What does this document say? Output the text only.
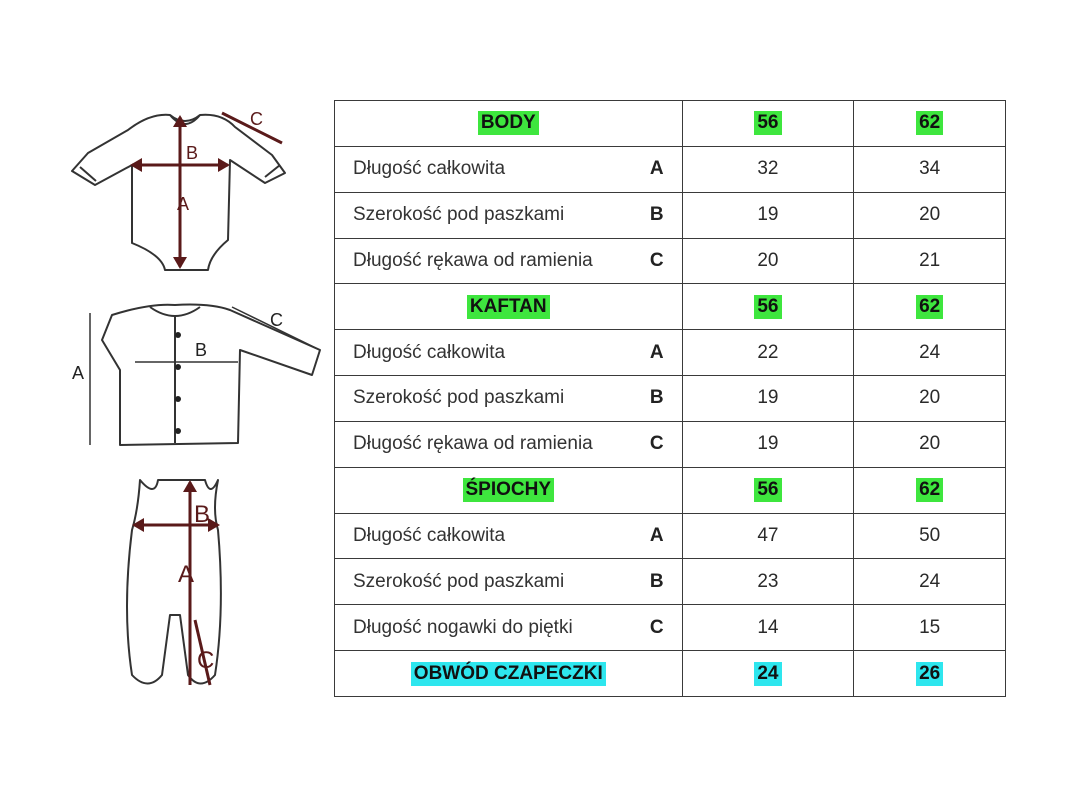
B
A
C
A
B
C
B
A
C
BODY	56	62

Długość całkowita A	32	34

Szerokość pod paszkami B	19	20

Długość rękawa od ramienia C	20	21
KAFTAN	56	62

Długość całkowita A	22	24

Szerokość pod paszkami B	19	20

Długość rękawa od ramienia C	19	20
ŚPIOCHY	56	62

Długość całkowita A	47	50

Szerokość pod paszkami B	23	24

Długość nogawki do piętki C	14	15
OBWÓD CZAPECZKI	24	26
